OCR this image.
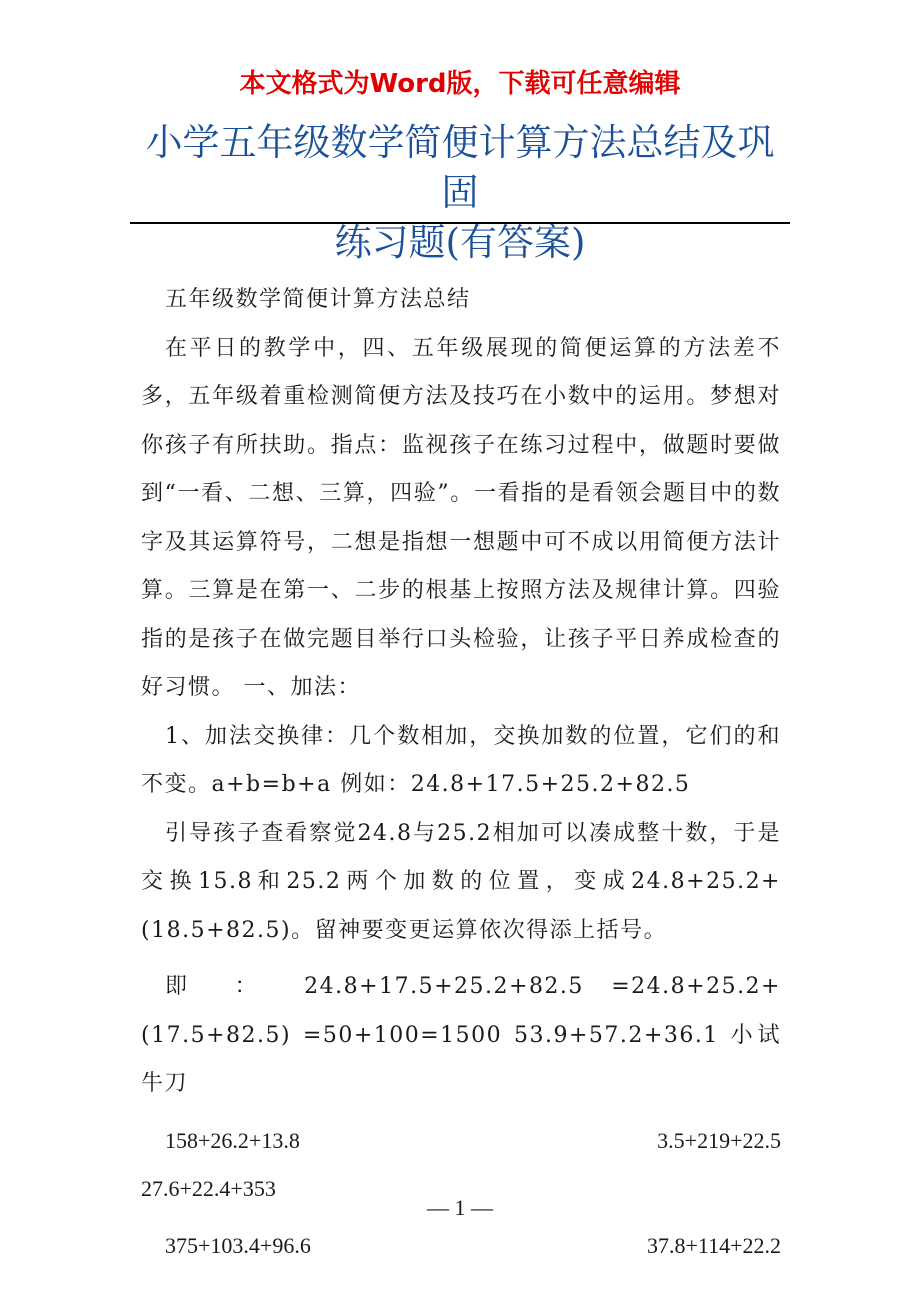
本文格式为Word版，下载可任意编辑
小学五年级数学简便计算方法总结及巩固
练习题(有答案)

五年级数学简便计算方法总结

在平日的教学中，四、五年级展现的简便运算的方法差不多，五年级着重检测简便方法及技巧在小数中的运用。梦想对你孩子有所扶助。指点：监视孩子在练习过程中，做题时要做到“一看、二想、三算，四验”。一看指的是看领会题目中的数字及其运算符号，二想是指想一想题中可不成以用简便方法计算。三算是在第一、二步的根基上按照方法及规律计算。四验指的是孩子在做完题目举行口头检验，让孩子平日养成检查的好习惯。 一、加法：

1、加法交换律：几个数相加，交换加数的位置，它们的和不变。a+b=b+a 例如：24.8+17.5+25.2+82.5

引导孩子查看察觉24.8与25.2相加可以凑成整十数，于是交换15.8和25.2两个加数的位置，变成24.8+25.2+(18.5+82.5)。留神要变更运算依次得添上括号。

即 ： 24.8+17.5+25.2+82.5 =24.8+25.2+(17.5+82.5) =50+100=1500 53.9+57.2+36.1 小试牛刀

158+26.2+13.8	3.5+219+22.5
27.6+22.4+353
375+103.4+96.6	37.8+114+22.2
— 1 —
